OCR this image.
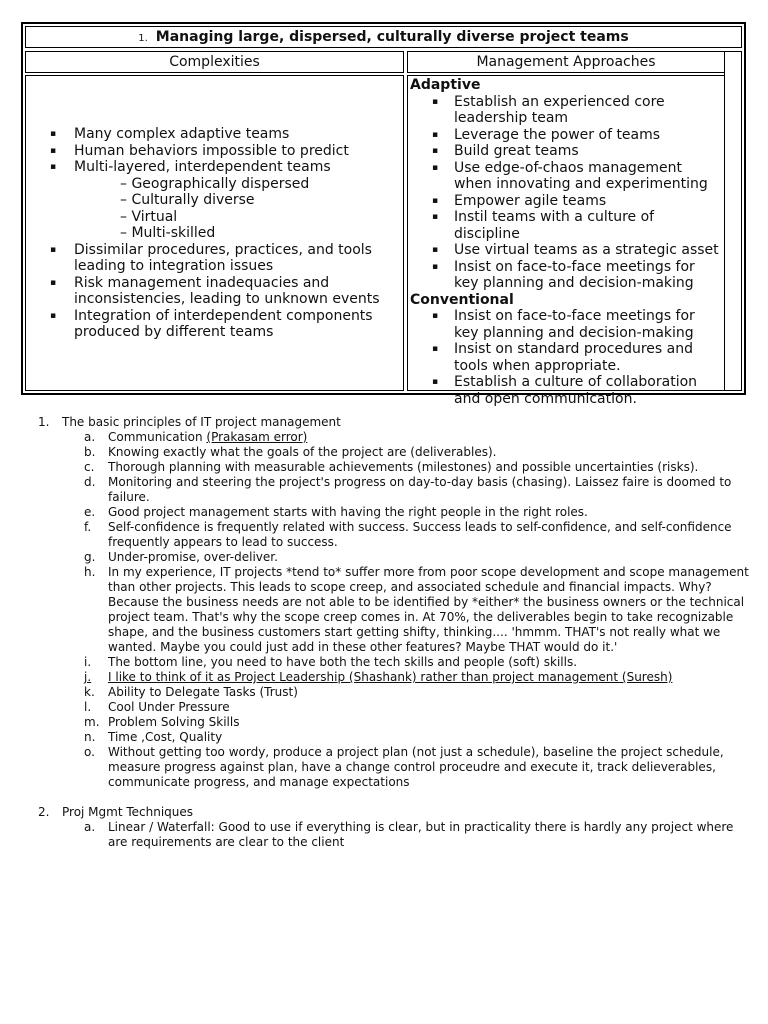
1. Managing large, dispersed, culturally diverse project teams
Complexities	Management Approaches
▪ Many complex adaptive teams
▪ Human behaviors impossible to predict
▪ Multi-layered, interdependent teams
– Geographically dispersed
– Culturally diverse
– Virtual
– Multi-skilled
▪ Dissimilar procedures, practices, and tools leading to integration issues
▪ Risk management inadequacies and inconsistencies, leading to unknown events
▪ Integration of interdependent components produced by different teams
Adaptive
▪ Establish an experienced core leadership team
▪ Leverage the power of teams
▪ Build great teams
▪ Use edge-of-chaos management when innovating and experimenting
▪ Empower agile teams
▪ Instil teams with a culture of discipline
▪ Use virtual teams as a strategic asset
▪ Insist on face-to-face meetings for key planning and decision-making
Conventional
▪ Insist on face-to-face meetings for key planning and decision-making
▪ Insist on standard procedures and tools when appropriate.
▪ Establish a culture of collaboration and open communication.
1. The basic principles of IT project management
a. Communication (Prakasam error)
b. Knowing exactly what the goals of the project are (deliverables).
c. Thorough planning with measurable achievements (milestones) and possible uncertainties (risks).
d. Monitoring and steering the project's progress on day-to-day basis (chasing). Laissez faire is doomed to failure.
e. Good project management starts with having the right people in the right roles.
f. Self-confidence is frequently related with success. Success leads to self-confidence, and self-confidence frequently appears to lead to success.
g. Under-promise, over-deliver.
h. In my experience, IT projects *tend to* suffer more from poor scope development and scope management than other projects. This leads to scope creep, and associated schedule and financial impacts. Why? Because the business needs are not able to be identified by *either* the business owners or the technical project team. That's why the scope creep comes in. At 70%, the deliverables begin to take recognizable shape, and the business customers start getting shifty, thinking.... 'hmmm. THAT's not really what we wanted. Maybe you could just add in these other features? Maybe THAT would do it.'
i. The bottom line, you need to have both the tech skills and people (soft) skills.
j. I like to think of it as Project Leadership (Shashank) rather than project management (Suresh)
k. Ability to Delegate Tasks (Trust)
l. Cool Under Pressure
m. Problem Solving Skills
n. Time ,Cost, Quality
o. Without getting too wordy, produce a project plan (not just a schedule), baseline the project schedule, measure progress against plan, have a change control proceudre and execute it, track delieverables, communicate progress, and manage expectations
2. Proj Mgmt Techniques
a. Linear / Waterfall: Good to use if everything is clear, but in practicality there is hardly any project where are requirements are clear to the client
